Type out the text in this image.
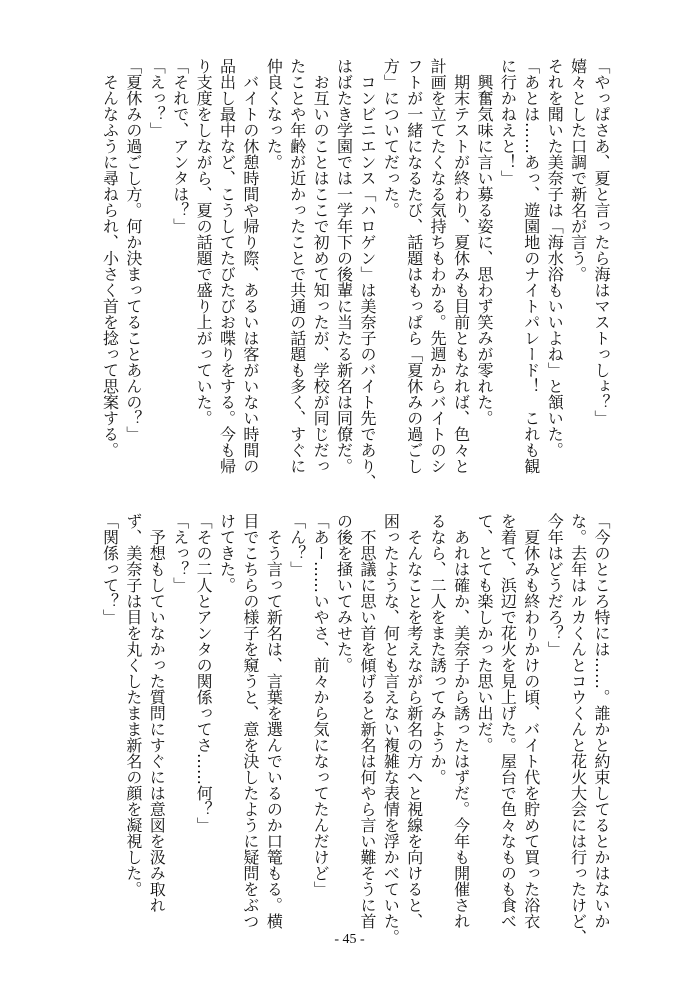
「やっぱさあ、夏と言ったら海はマストっしょ？」
嬉々とした口調で新名が言う。
それを聞いた美奈子は「海水浴もいいよね」と頷いた。
「あとは……あっ、遊園地のナイトパレード！　これも観
に行かねえと！」
　興奮気味に言い募る姿に、思わず笑みが零れた。
　期末テストが終わり、夏休みも目前ともなれば、色々と
計画を立てたくなる気持ちもわかる。先週からバイトのシ
フトが一緒になるたび、話題はもっぱら「夏休みの過ごし
方」についてだった。
　コンビニエンス「ハロゲン」は美奈子のバイト先であり、
はばたき学園では一学年下の後輩に当たる新名は同僚だ。
　お互いのことはここで初めて知ったが、学校が同じだっ
たことや年齢が近かったことで共通の話題も多く、すぐに
仲良くなった。
　バイトの休憩時間や帰り際、あるいは客がいない時間の
品出し最中など、こうしてたびたびお喋りをする。今も帰
り支度をしながら、夏の話題で盛り上がっていた。
「それで、アンタは？」
「えっ？」
「夏休みの過ごし方。何か決まってることあんの？」
　そんなふうに尋ねられ、小さく首を捻って思案する。
「今のところ特には……。誰かと約束してるとかはないか
な。去年はルカくんとコウくんと花火大会には行ったけど、
今年はどうだろ？」
　夏休みも終わりかけの頃、バイト代を貯めて買った浴衣
を着て、浜辺で花火を見上げた。屋台で色々なものも食べ
て、とても楽しかった思い出だ。
　あれは確か、美奈子から誘ったはずだ。今年も開催され
るなら、二人をまた誘ってみようか。
　そんなことを考えながら新名の方へと視線を向けると、
困ったような、何とも言えない複雑な表情を浮かべていた。
　不思議に思い首を傾げると新名は何やら言い難そうに首
の後を掻いてみせた。
「あー……いやさ、前々から気になってたんだけど」
「ん？」
　そう言って新名は、言葉を選んでいるのか口篭もる。横
目でこちらの様子を窺うと、意を決したように疑問をぶつ
けてきた。
「その二人とアンタの関係ってさ……何？」
「えっ？」
　予想もしていなかった質問にすぐには意図を汲み取れ
ず、美奈子は目を丸くしたまま新名の顔を凝視した。
「関係って？」
- 45 -
